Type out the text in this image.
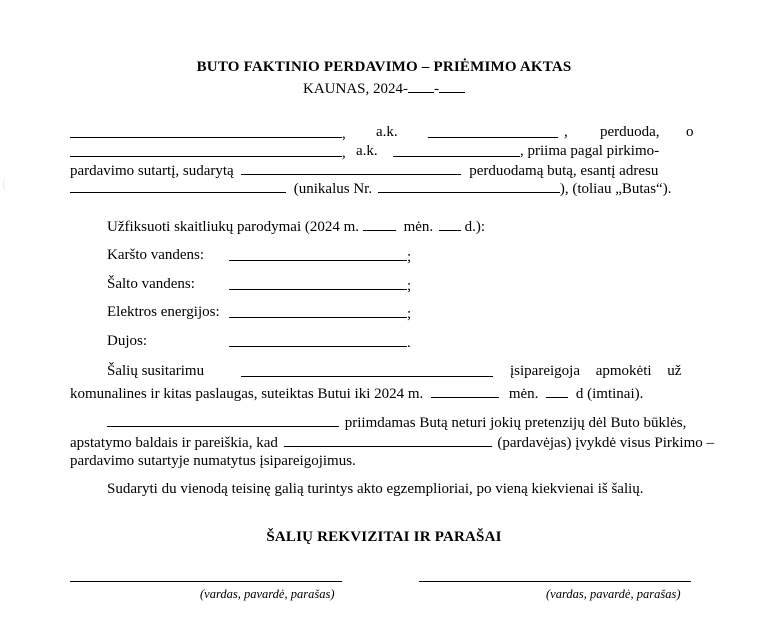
(
BUTO FAKTINIO PERDAVIMO – PRIĖMIMO AKTAS
KAUNAS, 2024- -
, a.k.	, perduoda, o
, a.k.	, priima pagal pirkimo-
pardavimo sutartį, sudarytą	perduodamą butą, esantį adresu
(unikalus Nr.	), (toliau „Butas“).
Užfiksuoti skaitliukų parodymai (2024 m.	mėn. d.):
Karšto vandens:	;
Šalto vandens:	;
Elektros energijos:	;
Dujos:	.
Šalių susitarimu	įsipareigoja apmokėti už
komunalines ir kitas paslaugas, suteiktas Butui iki 2024 m.	mėn.	d (imtinai).
priimdamas Butą neturi jokių pretenzijų dėl Buto būklės,
apstatymo baldais ir pareiškia, kad	(pardavėjas) įvykdė visus Pirkimo –
pardavimo sutartyje numatytus įsipareigojimus.
Sudaryti du vienodą teisinę galią turintys akto egzemplioriai, po vieną kiekvienai iš šalių.
ŠALIŲ REKVIZITAI IR PARAŠAI
(vardas, pavardė, parašas)	(vardas, pavardė, parašas)
